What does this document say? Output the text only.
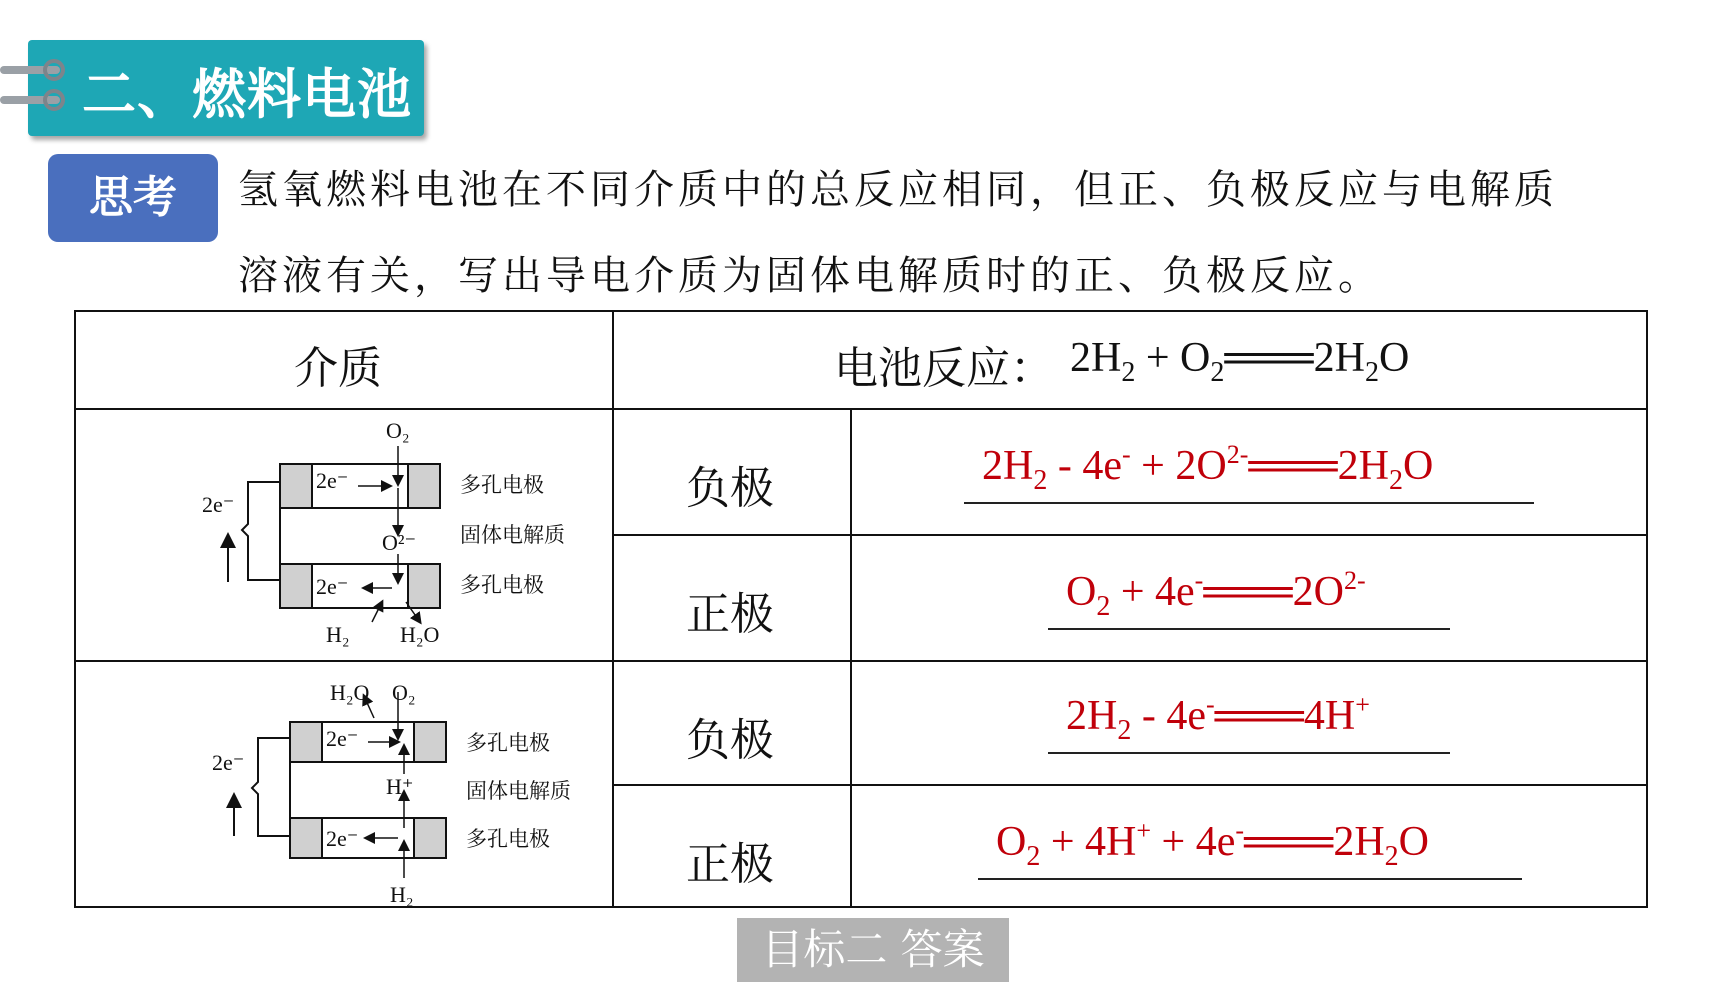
二、燃料电池
思考	氢氧燃料电池在不同介质中的总反应相同，但正、负极反应与电解质
溶液有关，写出导电介质为固体电解质时的正、负极反应。
介质	电池反应： $2H_2$ + $O_2═══2H_2O$
负极
正极
负极
正极
$2H_2 - 4e^-$ + $2O^{2-}═══2H_2O$
$O_2$ + $4e^-═══2O^{2-}$
$2H_2$ - 4e-═══4H+
$O_2 + 4H^+$ + $4e^-═══2H_2O$
O₂
2e⁻
2e⁻
O²⁻
2e⁻
H₂ H₂O
多孔电极
固体电解质
多孔电极
H₂O O₂
2e⁻
2e⁻
H⁺
2e⁻
H₂
多孔电极
固体电解质
多孔电极
目标二 答案
